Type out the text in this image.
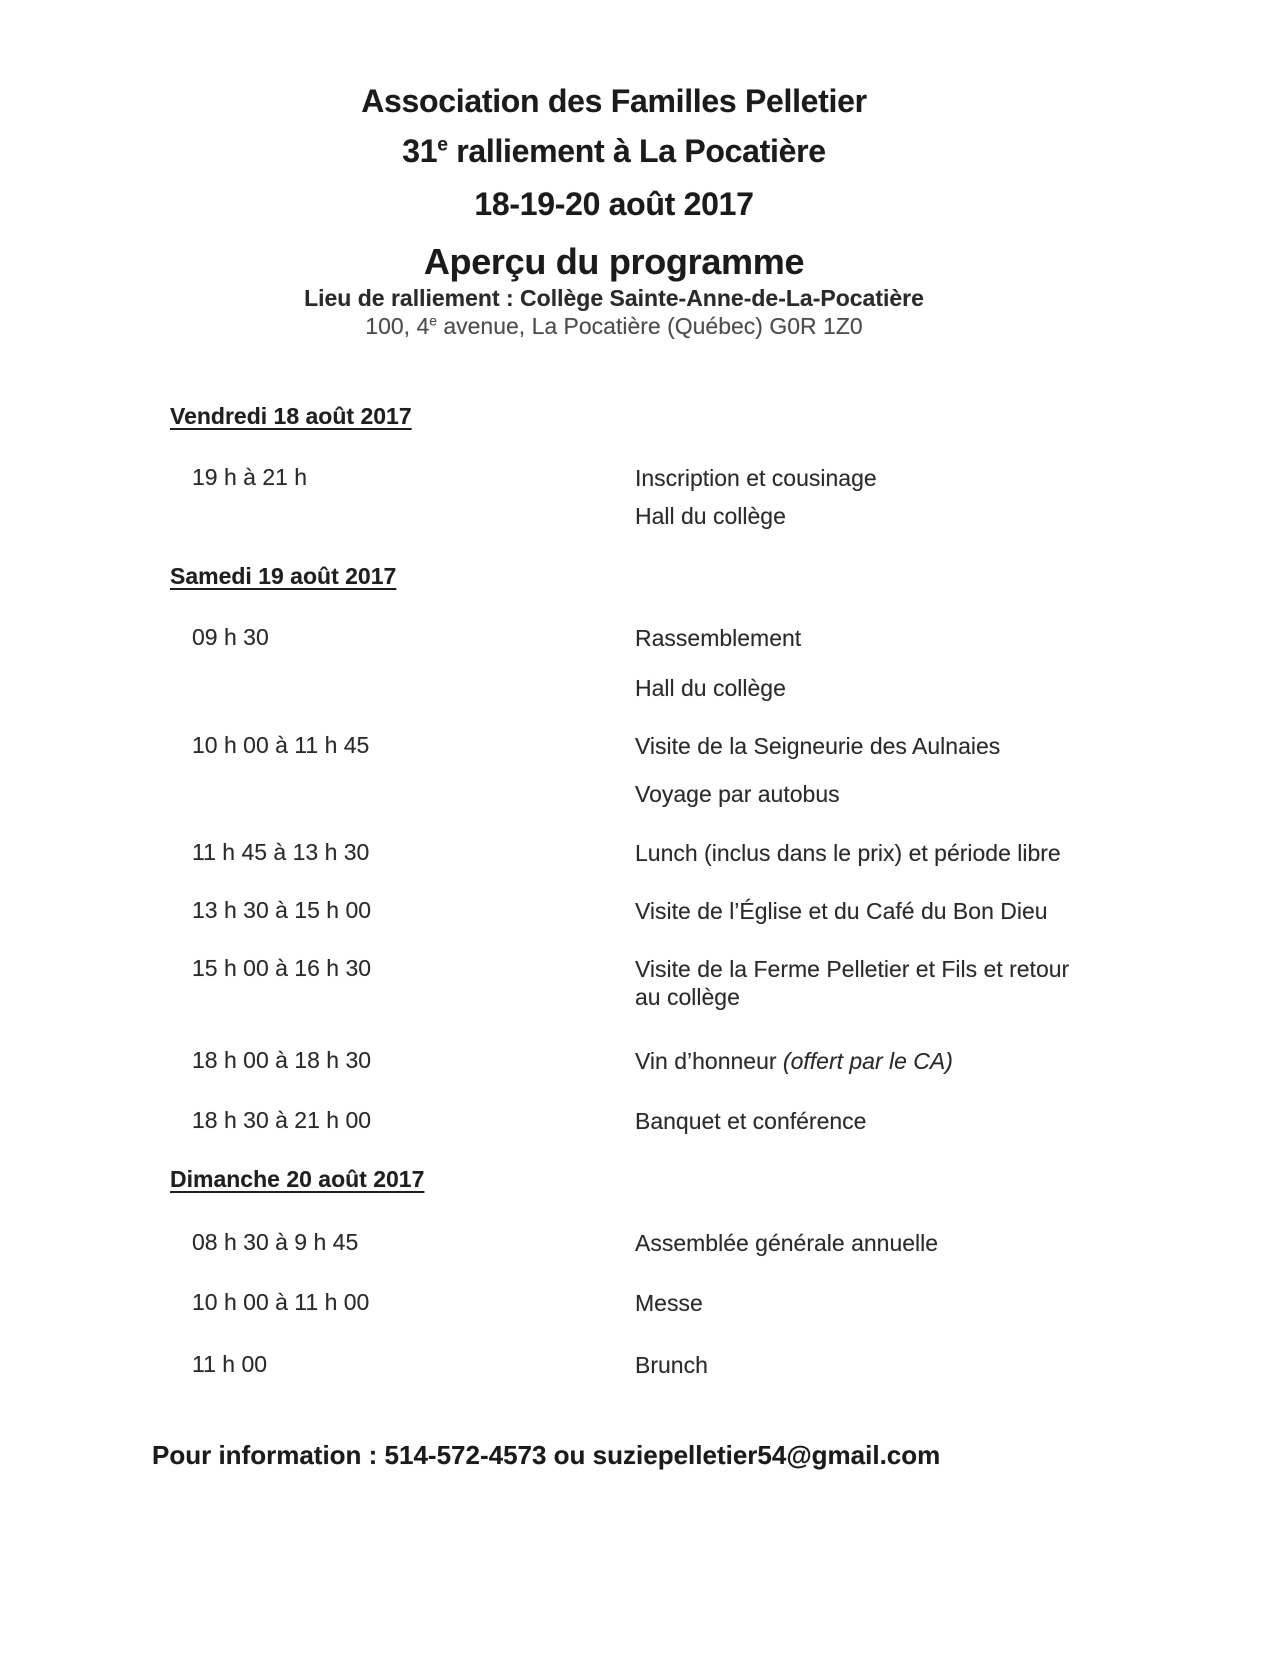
Association des Familles Pelletier
31e ralliement à La Pocatière
18-19-20 août 2017
Aperçu du programme
Lieu de ralliement : Collège Sainte-Anne-de-La-Pocatière
100, 4e avenue, La Pocatière (Québec) G0R 1Z0
Vendredi 18 août 2017
19 h à 21 h	Inscription et cousinage
Hall du collège
Samedi 19 août 2017
09 h 30	Rassemblement
Hall du collège
10 h 00 à 11 h 45	Visite de la Seigneurie des Aulnaies
Voyage par autobus
11 h 45 à 13 h 30	Lunch (inclus dans le prix) et période libre
13 h 30 à 15 h 00	Visite de l’Église et du Café du Bon Dieu
15 h 00 à 16 h 30	Visite de la Ferme Pelletier et Fils et retour au collège
18 h 00 à 18 h 30	Vin d’honneur (offert par le CA)
18 h 30 à 21 h 00	Banquet et conférence
Dimanche 20 août 2017
08 h 30 à 9 h 45	Assemblée générale annuelle
10 h 00 à 11 h 00	Messe
11 h 00	Brunch
Pour information : 514-572-4573 ou suziepelletier54@gmail.com
